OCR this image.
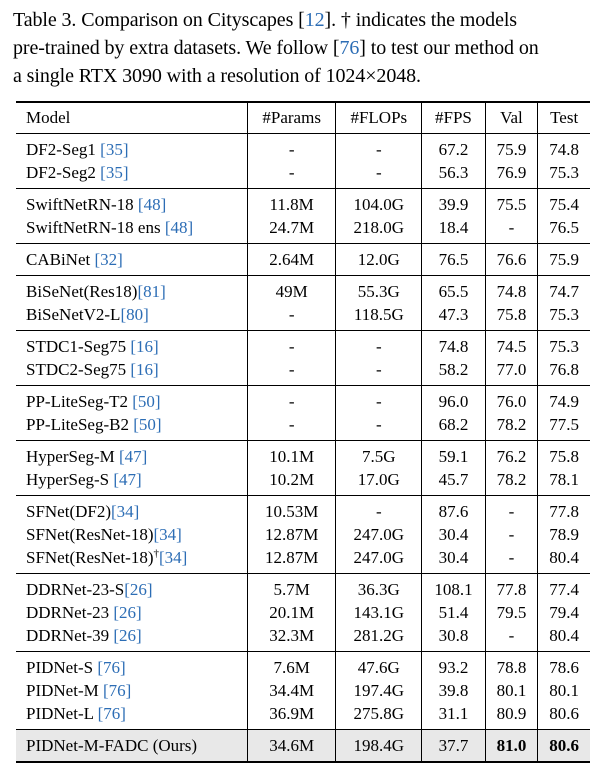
Table 3. Comparison on Cityscapes [12]. † indicates the models
pre-trained by extra datasets. We follow [76] to test our method on
a single RTX 3090 with a resolution of 1024×2048.
Model	#Params	#FLOPs	#FPS	Val	Test
DF2-Seg1 [35]	-	-	67.2	75.9	74.8
DF2-Seg2 [35]	-	-	56.3	76.9	75.3
SwiftNetRN-18 [48]	11.8M	104.0G	39.9	75.5	75.4
SwiftNetRN-18 ens [48]	24.7M	218.0G	18.4	-	76.5
CABiNet [32]	2.64M	12.0G	76.5	76.6	75.9
BiSeNet(Res18)[81]	49M	55.3G	65.5	74.8	74.7
BiSeNetV2-L[80]	-	118.5G	47.3	75.8	75.3
STDC1-Seg75 [16]	-	-	74.8	74.5	75.3
STDC2-Seg75 [16]	-	-	58.2	77.0	76.8
PP-LiteSeg-T2 [50]	-	-	96.0	76.0	74.9
PP-LiteSeg-B2 [50]	-	-	68.2	78.2	77.5
HyperSeg-M [47]	10.1M	7.5G	59.1	76.2	75.8
HyperSeg-S [47]	10.2M	17.0G	45.7	78.2	78.1
SFNet(DF2)[34]	10.53M	-	87.6	-	77.8
SFNet(ResNet-18)[34]	12.87M	247.0G	30.4	-	78.9
SFNet(ResNet-18)†[34]	12.87M	247.0G	30.4	-	80.4
DDRNet-23-S[26]	5.7M	36.3G	108.1	77.8	77.4
DDRNet-23 [26]	20.1M	143.1G	51.4	79.5	79.4
DDRNet-39 [26]	32.3M	281.2G	30.8	-	80.4
PIDNet-S [76]	7.6M	47.6G	93.2	78.8	78.6
PIDNet-M [76]	34.4M	197.4G	39.8	80.1	80.1
PIDNet-L [76]	36.9M	275.8G	31.1	80.9	80.6
PIDNet-M-FADC (Ours)	34.6M	198.4G	37.7	81.0	80.6
